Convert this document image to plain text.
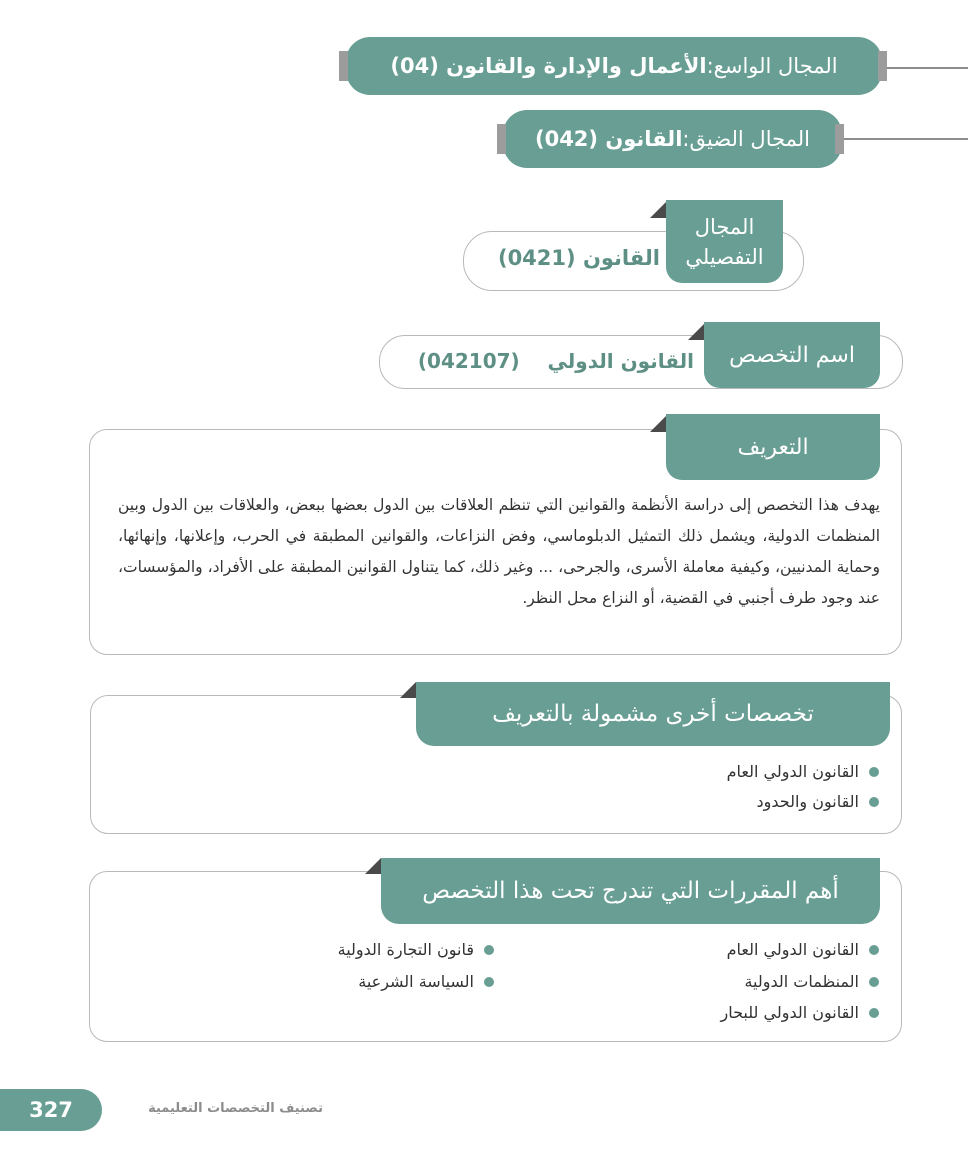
المجال الواسع:
الأعمال والإدارة والقانون (04)
المجال الضيق:
القانون (042)
المجال
التفصيلي
القانون (0421)
اسم التخصص
القانون الدولي    (042107)
التعريف
يهدف هذا التخصص إلى دراسة الأنظمة والقوانين التي تنظم العلاقات بين الدول بعضها ببعض، والعلاقات بين الدول وبين المنظمات الدولية، ويشمل ذلك التمثيل الدبلوماسي، وفض النزاعات، والقوانين المطبقة في الحرب، وإعلانها، وإنهائها، وحماية المدنيين، وكيفية معاملة الأسرى، والجرحى، ... وغير ذلك، كما يتناول القوانين المطبقة على الأفراد، والمؤسسات، عند وجود طرف أجنبي في القضية، أو النزاع محل النظر.
تخصصات أخرى مشمولة بالتعريف
القانون الدولي العام
القانون والحدود
أهم المقررات التي تندرج تحت هذا التخصص
القانون الدولي العام
المنظمات الدولية
القانون الدولي للبحار
قانون التجارة الدولية
السياسة الشرعية
327	تصنيف التخصصات التعليمية
